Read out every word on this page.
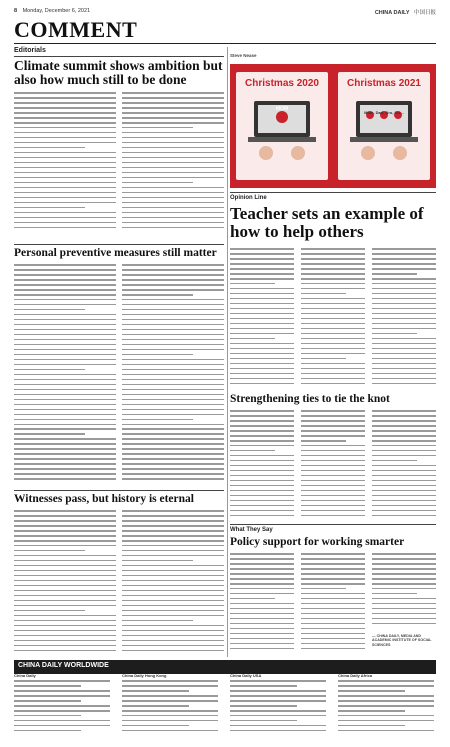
8 Monday, December 6, 2021	CHINA DAILY 中国日报
COMMENT
Editorials
Climate summit shows ambition but also how much still to be done
Personal preventive measures still matter
Witnesses pass, but history is eternal
Steve Nease
Christmas 2020
MOM
Christmas 2021
Mom, Dad, Bro, Sis...
Opinion Line
Teacher sets an example of how to help others
Strengthening ties to tie the knot
What They Say
Policy support for working smarter
— CHINA DAILY, MEDIA AND ACADEMIC INSTITUTE OF SOCIAL SCIENCES
CHINA DAILY WORLDWIDE
China Daily	China Daily Hong Kong	China Daily USA	China Daily Africa
